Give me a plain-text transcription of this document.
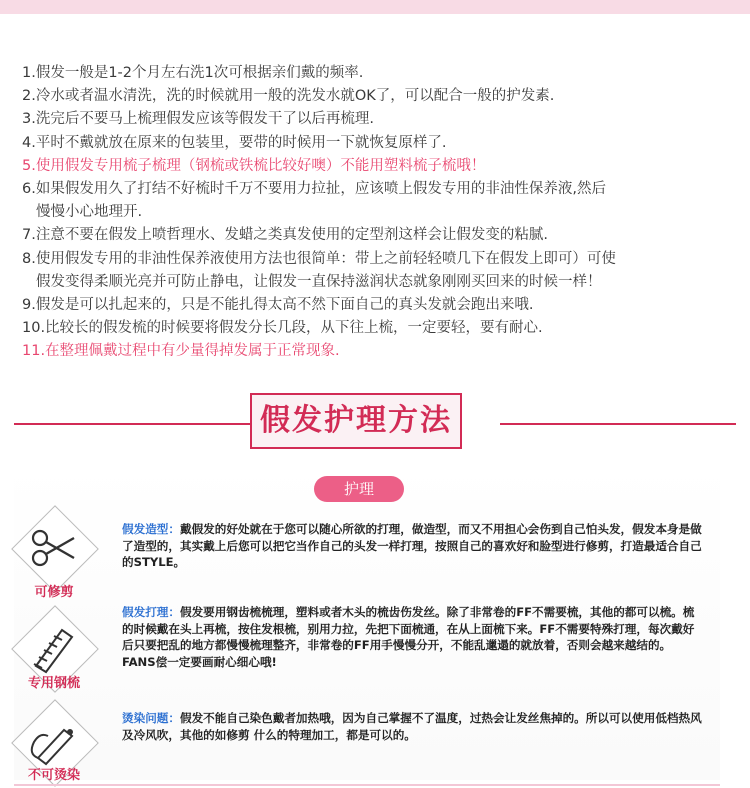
1.假发一般是1-2个月左右洗1次可根据亲们戴的频率.

2.冷水或者温水清洗，洗的时候就用一般的洗发水就OK了，可以配合一般的护发素.

3.洗完后不要马上梳理假发应该等假发干了以后再梳理.

4.平时不戴就放在原来的包装里，要带的时候用一下就恢复原样了.

5.使用假发专用梳子梳理（钢梳或铁梳比较好噢）不能用塑料梳子梳哦！

6.如果假发用久了打结不好梳时千万不要用力拉扯，应该喷上假发专用的非油性保养液,然后
慢慢小心地理开.

7.注意不要在假发上喷哲理水、发蜡之类真发使用的定型剂这样会让假发变的粘腻.

8.使用假发专用的非油性保养液使用方法也很简单：带上之前轻轻喷几下在假发上即可）可使
假发变得柔顺光亮并可防止静电，让假发一直保持滋润状态就象刚刚买回来的时候一样！

9.假发是可以扎起来的，只是不能扎得太高不然下面自己的真头发就会跑出来哦.

10.比较长的假发梳的时候要将假发分长几段，从下往上梳，一定要轻，要有耐心.

11.在整理佩戴过程中有少量得掉发属于正常现象.

假发护理方法
护理
可修剪
假发造型：戴假发的好处就在于您可以随心所欲的打理，做造型，而又不用担心会伤到自己怕头发，假发本身是做了造型的，其实戴上后您可以把它当作自己的头发一样打理，按照自己的喜欢好和脸型进行修剪，打造最适合自己的STYLE。
专用钢梳
假发打理：假发要用钢齿梳梳理，塑料或者木头的梳齿伤发丝。除了非常卷的FF不需要梳，其他的都可以梳。梳 的时候戴在头上再梳，按住发根梳，别用力拉，先把下面梳通，在从上面梳下来。FF不需要特殊打理，每次戴好后只要把乱的地方都慢慢梳理整齐，非常卷的FF用手慢慢分开，不能乱邋遢的就放着，否则会越来越结的。FANS偿一定要画耐心细心哦!
不可烫染
烫染问题：假发不能自己染色戴者加热哦，因为自己掌握不了温度，过热会让发丝焦掉的。所以可以使用低档热风及冷风吹，其他的如修剪 什么的特理加工，都是可以的。
